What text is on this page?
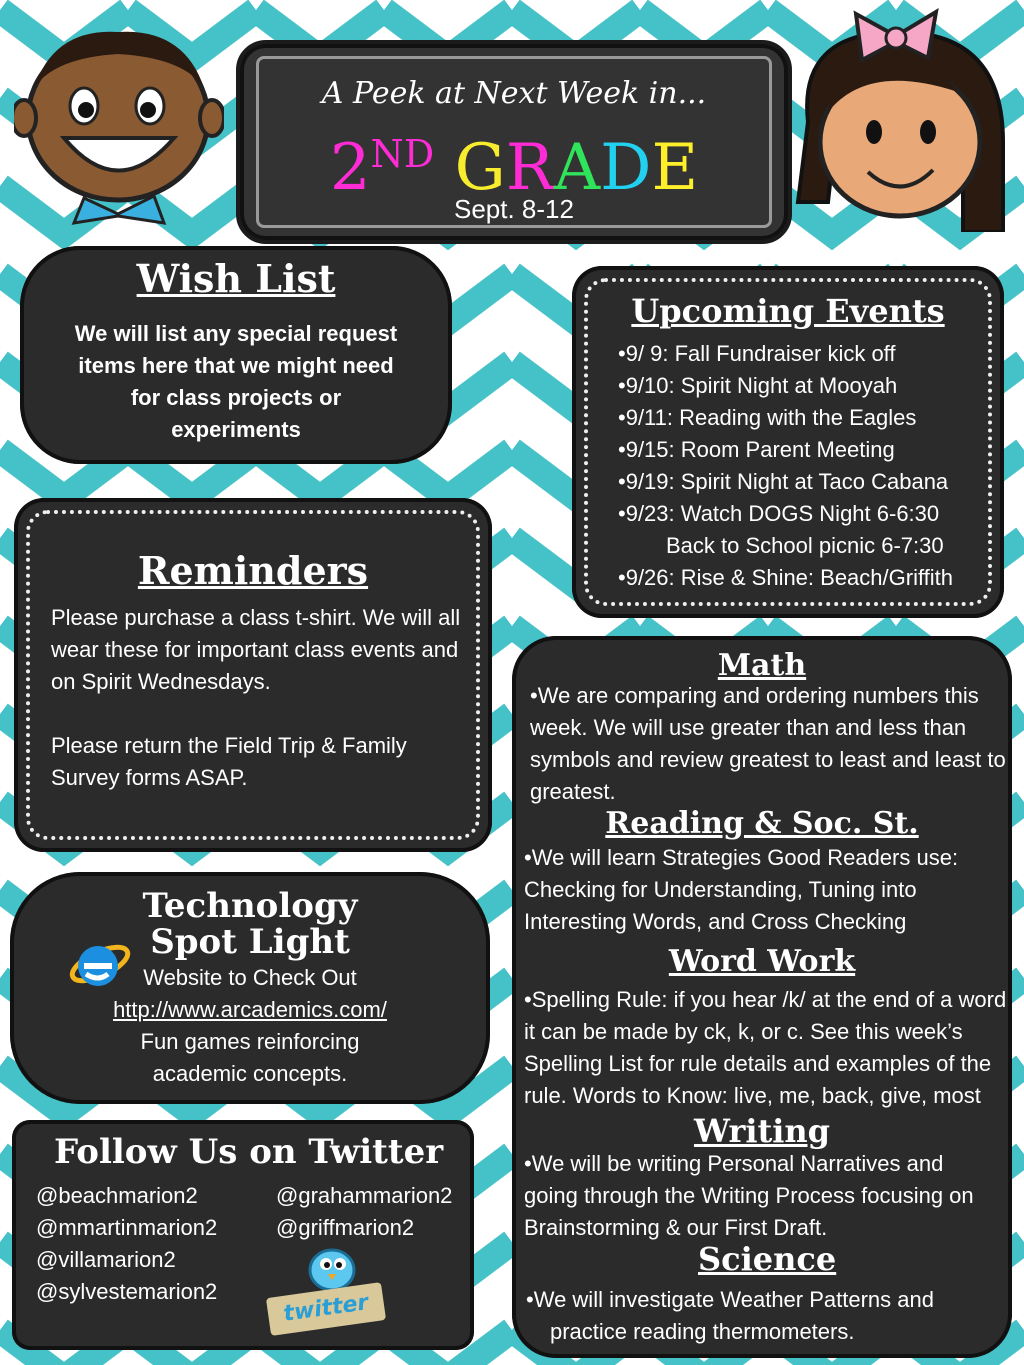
A Peek at Next Week in...
2ND GRADE
Sept. 8-12
Wish List
We will list any special request
items here that we might need
for class projects or
experiments
Upcoming Events
•9/ 9: Fall Fundraiser kick off
•9/10: Spirit Night at Mooyah
•9/11: Reading with the Eagles
•9/15: Room Parent Meeting
•9/19: Spirit Night at Taco Cabana
•9/23: Watch DOGS Night 6-6:30
Back to School picnic 6-7:30
•9/26: Rise & Shine: Beach/Griffith
Reminders
Please purchase a class t-shirt. We will all
wear these for important class events and
on Spirit Wednesdays.
Please return the Field Trip & Family
Survey forms ASAP.
Technology
Spot Light
Website to Check Out
http://www.arcademics.com/
Fun games reinforcing
academic concepts.
Follow Us on Twitter
@beachmarion2
@mmartinmarion2
@villamarion2
@sylvestemarion2
@grahammarion2
@griffmarion2
twitter
Math
•We are comparing and ordering numbers this
week. We will use greater than and less than
symbols and review greatest to least and least to
greatest.
Reading & Soc. St.
•We will learn Strategies Good Readers use:
Checking for Understanding, Tuning into
Interesting Words, and Cross Checking
Word Work
•Spelling Rule: if you hear /k/ at the end of a word
it can be made by ck, k, or c. See this week’s
Spelling List for rule details and examples of the
rule. Words to Know: live, me, back, give, most
Writing
•We will be writing Personal Narratives and
going through the Writing Process focusing on
Brainstorming & our First Draft.
Science
•We will investigate Weather Patterns and
practice reading thermometers.
